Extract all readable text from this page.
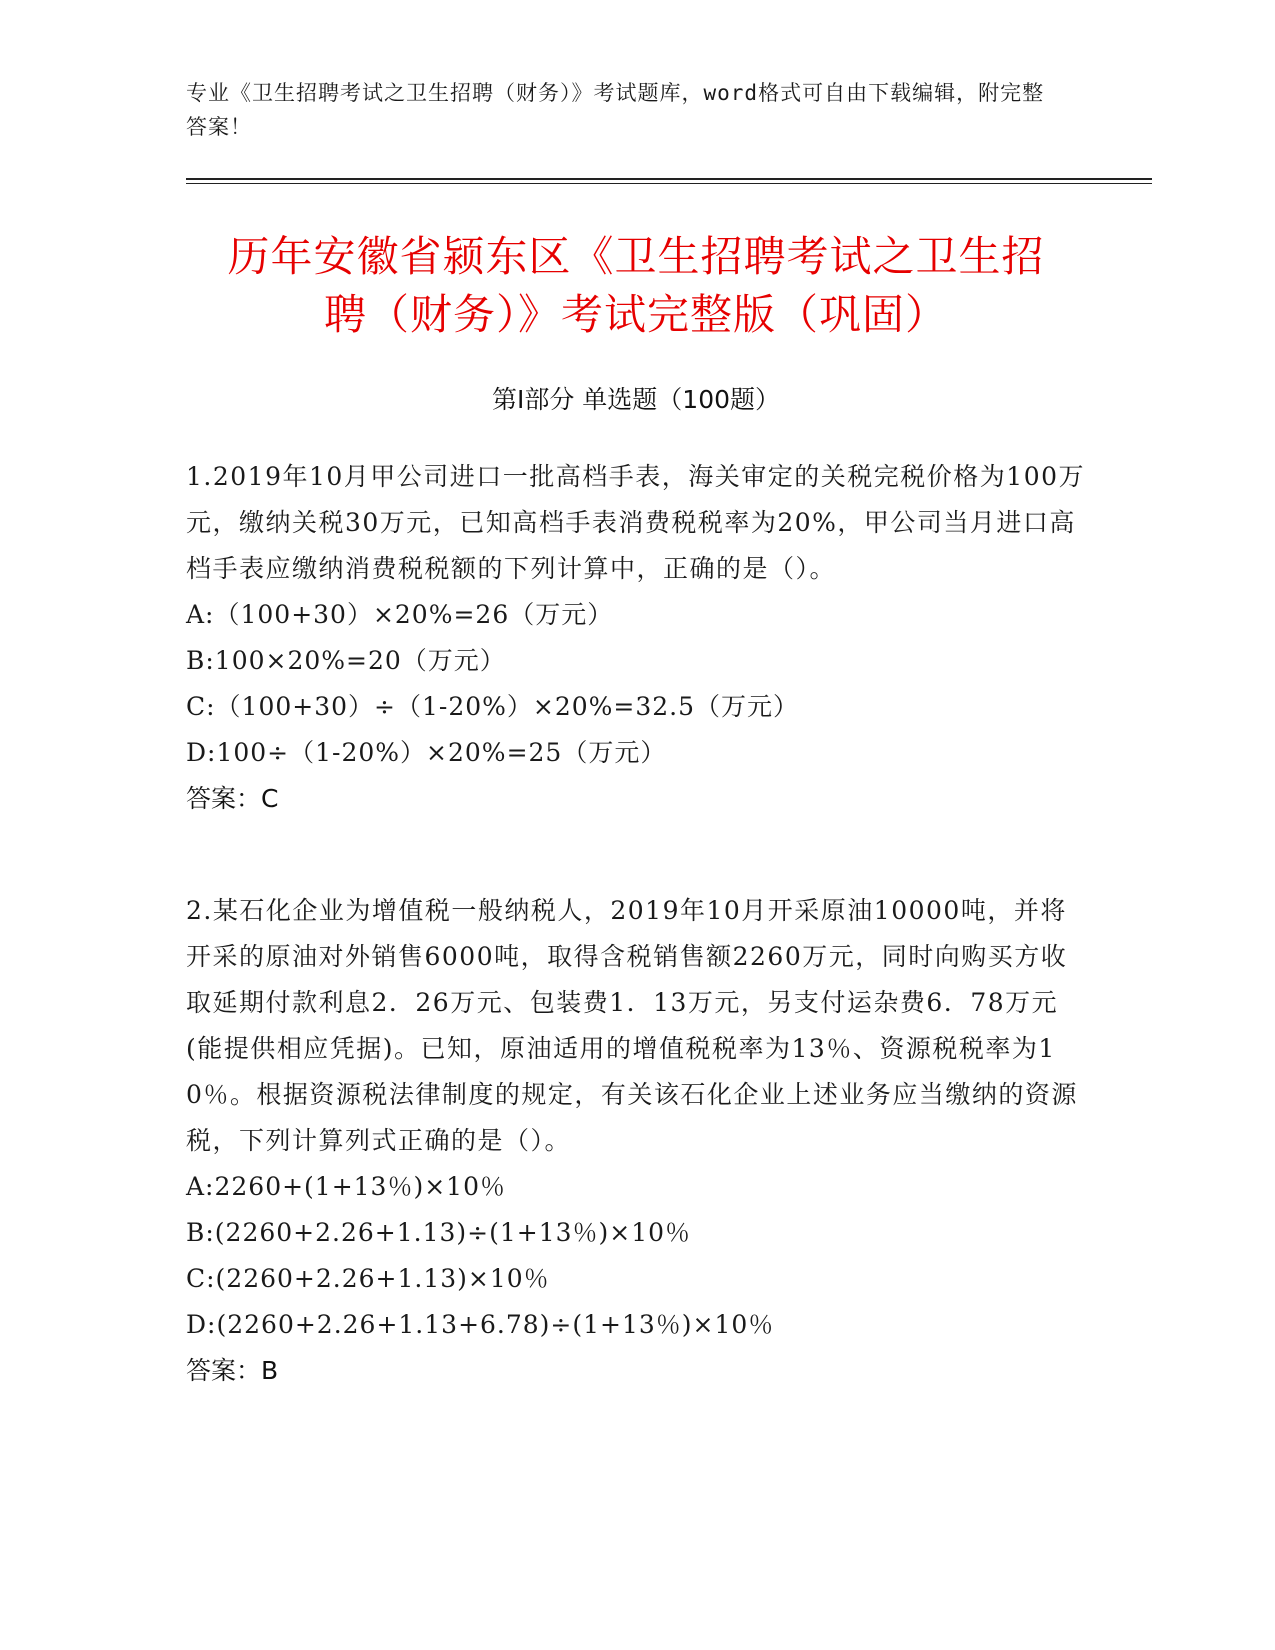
专业《卫生招聘考试之卫生招聘（财务）》考试题库，word格式可自由下载编辑，附完整答案！
历年安徽省颍东区《卫生招聘考试之卫生招
聘（财务）》考试完整版（巩固）
第Ⅰ部分 单选题（100题）
1.2019年10月甲公司进口一批高档手表，海关审定的关税完税价格为100万元，缴纳关税30万元，已知高档手表消费税税率为20%，甲公司当月进口高档手表应缴纳消费税税额的下列计算中，正确的是（）。
A:（100+30）×20%=26（万元）
B:100×20%=20（万元）
C:（100+30）÷（1-20%）×20%=32.5（万元）
D:100÷（1-20%）×20%=25（万元）
答案：C
2.某石化企业为增值税一般纳税人，2019年10月开采原油10000吨，并将开采的原油对外销售6000吨，取得含税销售额2260万元，同时向购买方收取延期付款利息2．26万元、包装费1．13万元，另支付运杂费6．78万元(能提供相应凭据)。已知，原油适用的增值税税率为13％、资源税税率为10％。根据资源税法律制度的规定，有关该石化企业上述业务应当缴纳的资源税，下列计算列式正确的是（）。
A:2260+(1+13％)×10％
B:(2260+2.26+1.13)÷(1+13％)×10％
C:(2260+2.26+1.13)×10％
D:(2260+2.26+1.13+6.78)÷(1+13％)×10％
答案：B
